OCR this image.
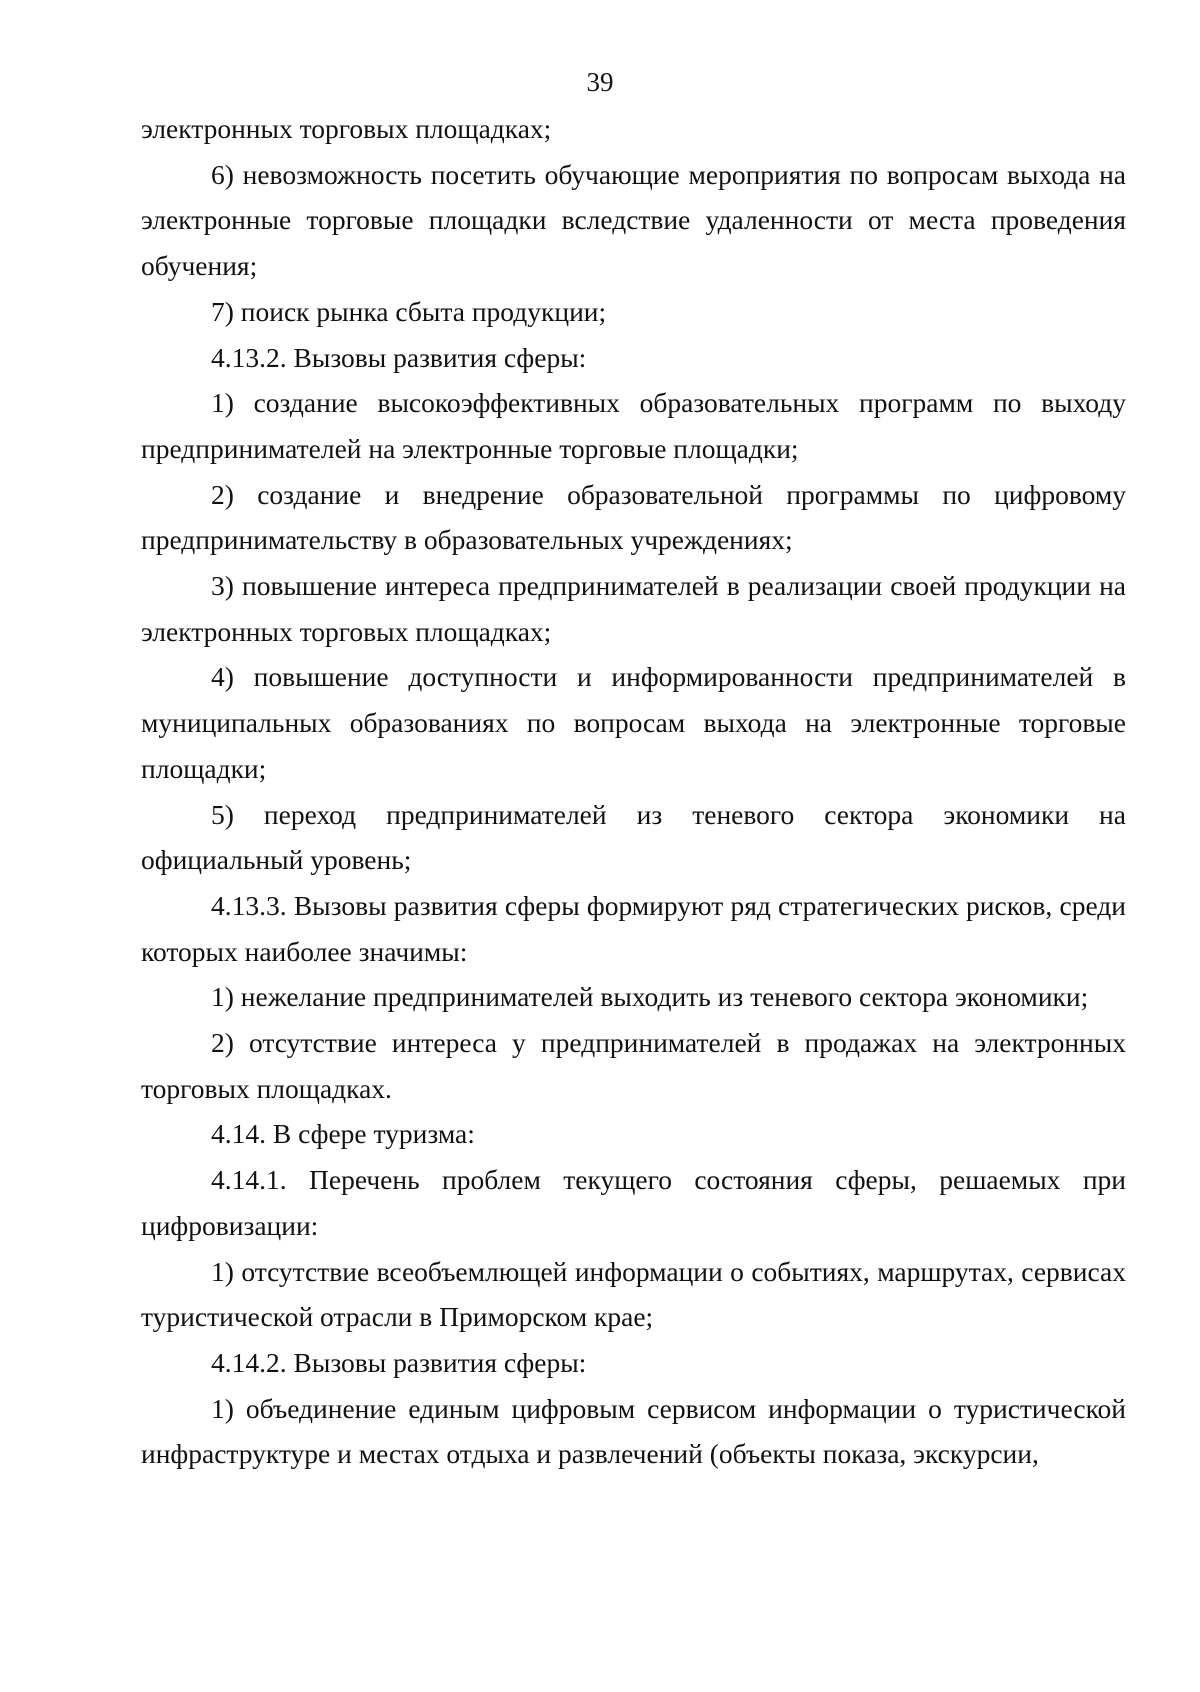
39

электронных торговых площадках;

6) невозможность посетить обучающие мероприятия по вопросам выхода на электронные торговые площадки вследствие удаленности от места проведения обучения;

7) поиск рынка сбыта продукции;

4.13.2. Вызовы развития сферы:

1) создание высокоэффективных образовательных программ по выходу предпринимателей на электронные торговые площадки;

2) создание и внедрение образовательной программы по цифровому предпринимательству в образовательных учреждениях;

3) повышение интереса предпринимателей в реализации своей продукции на электронных торговых площадках;

4) повышение доступности и информированности предпринимателей в муниципальных образованиях по вопросам выхода на электронные торговые площадки;

5) переход предпринимателей из теневого сектора экономики на официальный уровень;

4.13.3. Вызовы развития сферы формируют ряд стратегических рисков, среди которых наиболее значимы:

1) нежелание предпринимателей выходить из теневого сектора экономики;

2) отсутствие интереса у предпринимателей в продажах на электронных торговых площадках.

4.14. В сфере туризма:

4.14.1. Перечень проблем текущего состояния сферы, решаемых при цифровизации:

1) отсутствие всеобъемлющей информации о событиях, маршрутах, сервисах туристической отрасли в Приморском крае;

4.14.2. Вызовы развития сферы:

1) объединение единым цифровым сервисом информации о туристической инфраструктуре и местах отдыха и развлечений (объекты показа, экскурсии,
